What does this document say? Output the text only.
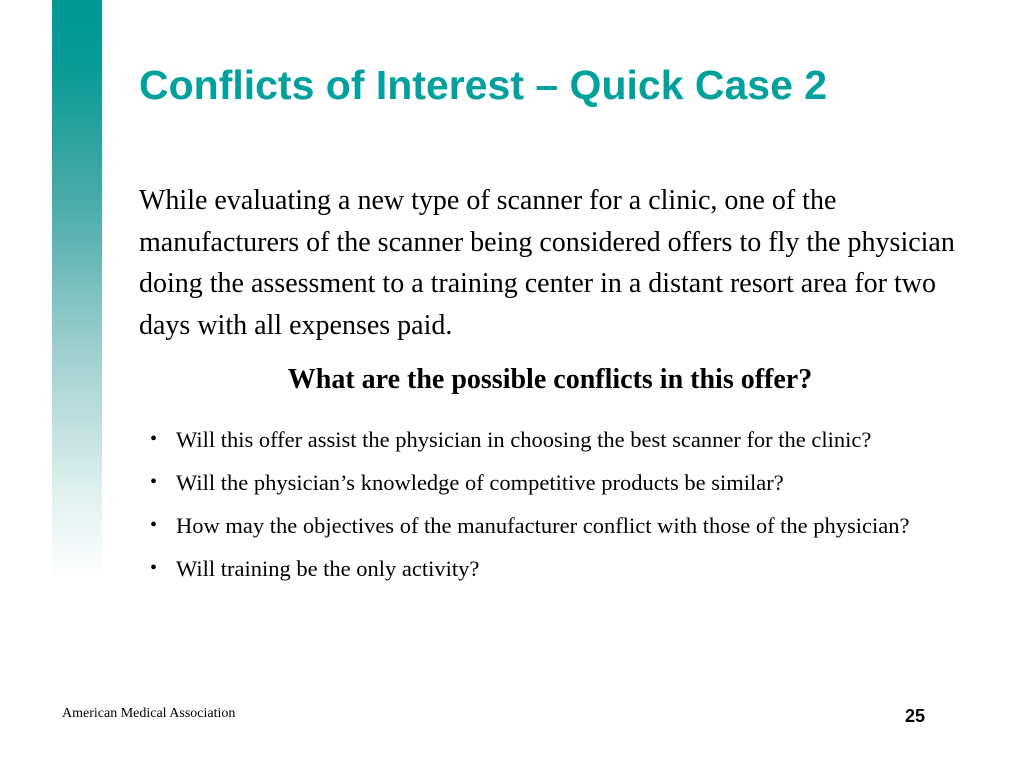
Conflicts of Interest – Quick Case 2

While evaluating a new type of scanner for a clinic, one of the manufacturers of the scanner being considered offers to fly the physician doing the assessment to a training center in a distant resort area for two days with all expenses paid.

What are the possible conflicts in this offer?

• Will this offer assist the physician in choosing the best scanner for the clinic?
• Will the physician’s knowledge of competitive products be similar?
• How may the objectives of the manufacturer conflict with those of the physician?
• Will training be the only activity?
American Medical Association	25
